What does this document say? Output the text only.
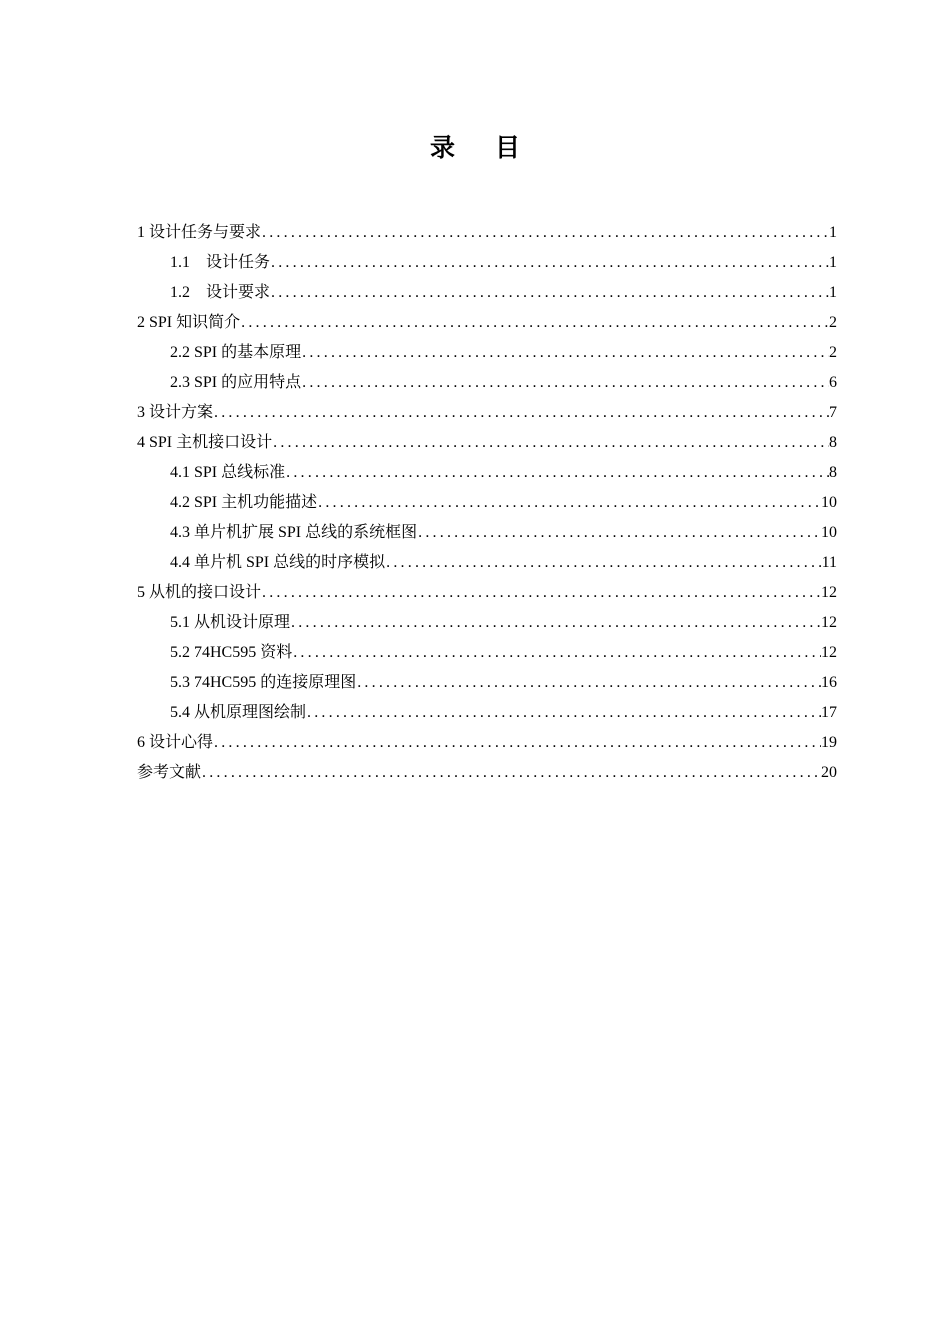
录目
1 设计任务与要求 .....	1
1.1　设计任务 .....	1
1.2　设计要求 .....	1
2 SPI 知识简介 .....	2
2.2 SPI 的基本原理 .....	2
2.3 SPI 的应用特点 .....	6
3 设计方案 .....	7
4 SPI 主机接口设计 .....	8
4.1 SPI 总线标准 .....	8
4.2 SPI 主机功能描述 .....	10
4.3 单片机扩展 SPI 总线的系统框图 .....	10
4.4 单片机 SPI 总线的时序模拟 .....	11
5 从机的接口设计 .....	12
5.1 从机设计原理 .....	12
5.2 74HC595 资料 .....	12
5.3 74HC595 的连接原理图 .....	16
5.4 从机原理图绘制 .....	17
6 设计心得 .....	19
参考文献 .....	20
